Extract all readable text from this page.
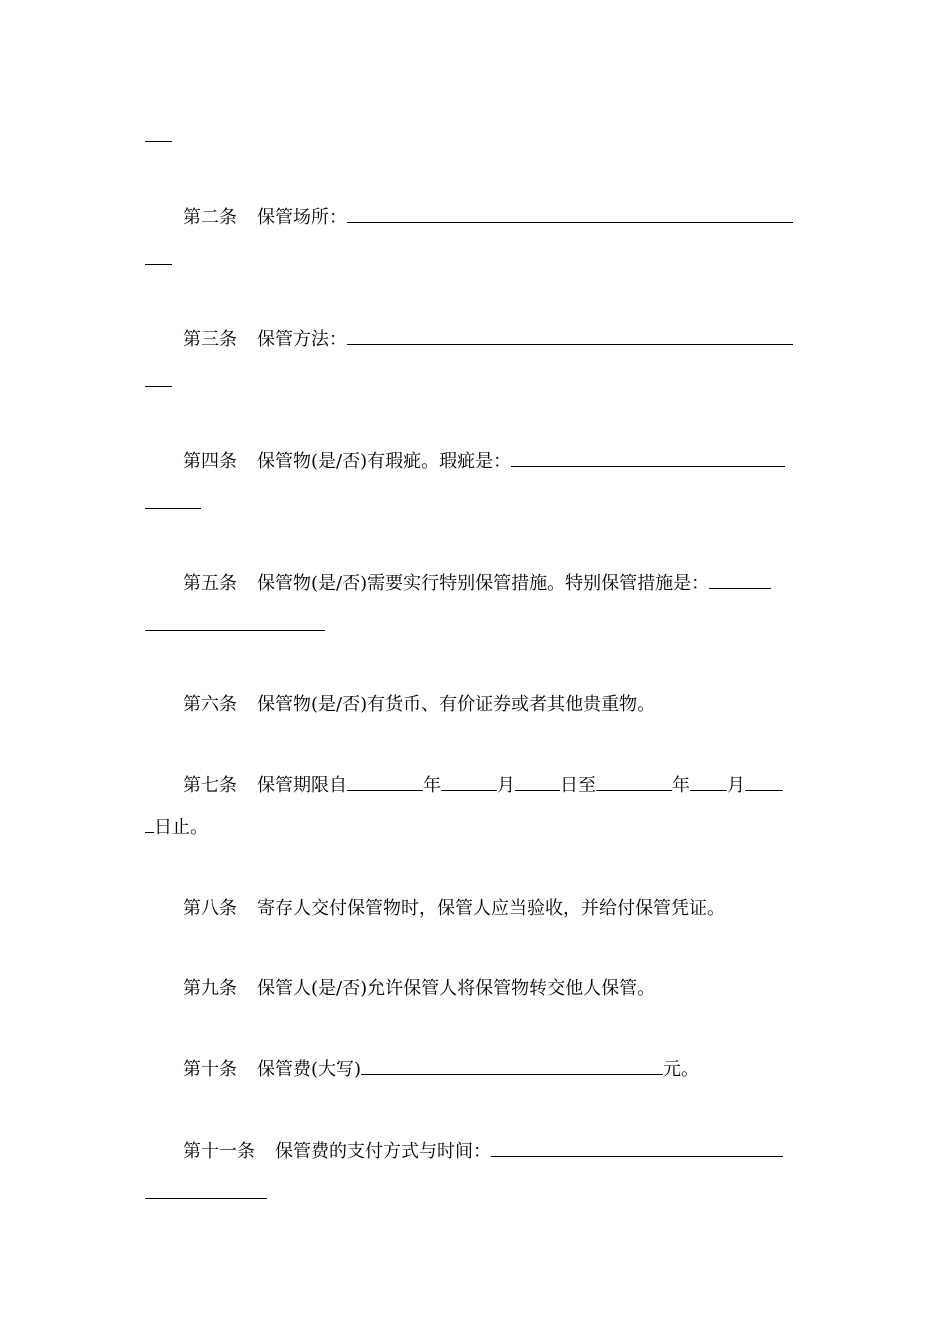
第二条 保管场所：
第三条 保管方法：
第四条 保管物(是/否)有瑕疵。瑕疵是：
第五条 保管物(是/否)需要实行特别保管措施。特别保管措施是：
第六条 保管物(是/否)有货币、有价证券或者其他贵重物。
第七条 保管期限自	年	月	日至	年 月
日止。
第八条 寄存人交付保管物时，保管人应当验收，并给付保管凭证。
第九条 保管人(是/否)允许保管人将保管物转交他人保管。
第十条 保管费(大写)	元。
第十一条 保管费的支付方式与时间：
